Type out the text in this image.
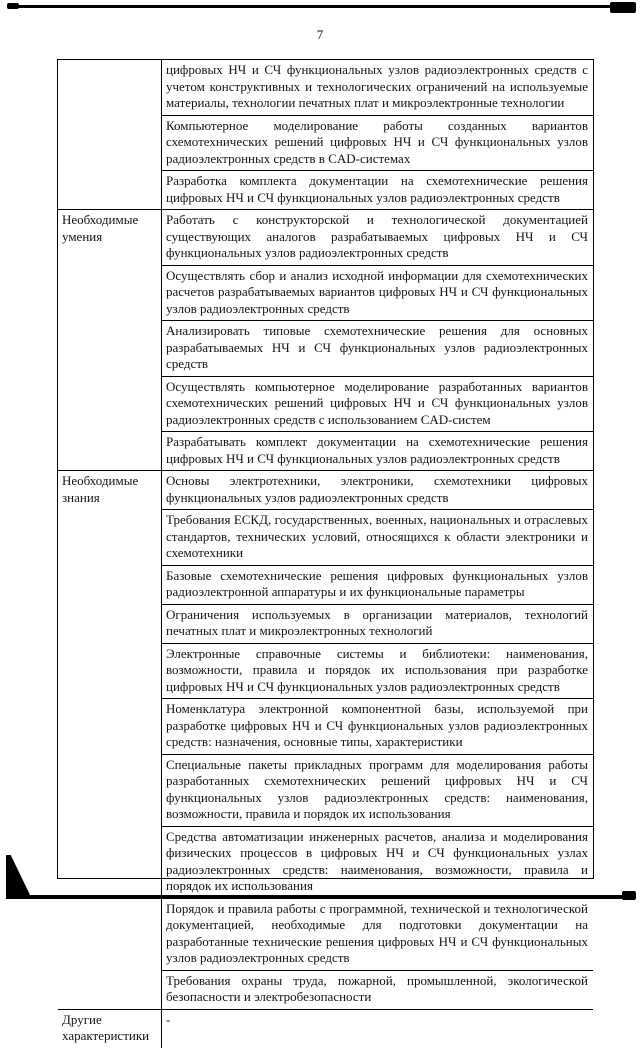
7
цифровых НЧ и СЧ функциональных узлов радиоэлектронных средств с учетом конструктивных и технологических ограничений на используемые материалы, технологии печатных плат и микроэлектронные технологии
Компьютерное моделирование работы созданных вариантов схемотехнических решений цифровых НЧ и СЧ функциональных узлов радиоэлектронных средств в CAD-системах
Разработка комплекта документации на схемотехнические решения цифровых НЧ и СЧ функциональных узлов радиоэлектронных средств
Необходимые умения
Работать с конструкторской и технологической документацией существующих аналогов разрабатываемых цифровых НЧ и СЧ функциональных узлов радиоэлектронных средств
Осуществлять сбор и анализ исходной информации для схемотехнических расчетов разрабатываемых вариантов цифровых НЧ и СЧ функциональных узлов радиоэлектронных средств
Анализировать типовые схемотехнические решения для основных разрабатываемых НЧ и СЧ функциональных узлов радиоэлектронных средств
Осуществлять компьютерное моделирование разработанных вариантов схемотехнических решений цифровых НЧ и СЧ функциональных узлов радиоэлектронных средств с использованием CAD-систем
Разрабатывать комплект документации на схемотехнические решения цифровых НЧ и СЧ функциональных узлов радиоэлектронных средств
Необходимые знания
Основы электротехники, электроники, схемотехники цифровых функциональных узлов радиоэлектронных средств
Требования ЕСКД, государственных, военных, национальных и отраслевых стандартов, технических условий, относящихся к области электроники и схемотехники
Базовые схемотехнические решения цифровых функциональных узлов радиоэлектронной аппаратуры и их функциональные параметры
Ограничения используемых в организации материалов, технологий печатных плат и микроэлектронных технологий
Электронные справочные системы и библиотеки: наименования, возможности, правила и порядок их использования при разработке цифровых НЧ и СЧ функциональных узлов радиоэлектронных средств
Номенклатура электронной компонентной базы, используемой при разработке цифровых НЧ и СЧ функциональных узлов радиоэлектронных средств: назначения, основные типы, характеристики
Специальные пакеты прикладных программ для моделирования работы разработанных схемотехнических решений цифровых НЧ и СЧ функциональных узлов радиоэлектронных средств: наименования, возможности, правила и порядок их использования
Средства автоматизации инженерных расчетов, анализа и моделирования физических процессов в цифровых НЧ и СЧ функциональных узлах радиоэлектронных средств: наименования, возможности, правила и порядок их использования
Порядок и правила работы с программной, технической и технологической документацией, необходимые для подготовки документации на разработанные технические решения цифровых НЧ и СЧ функциональных узлов радиоэлектронных средств
Требования охраны труда, пожарной, промышленной, экологической безопасности и электробезопасности
Другие характеристики
-
